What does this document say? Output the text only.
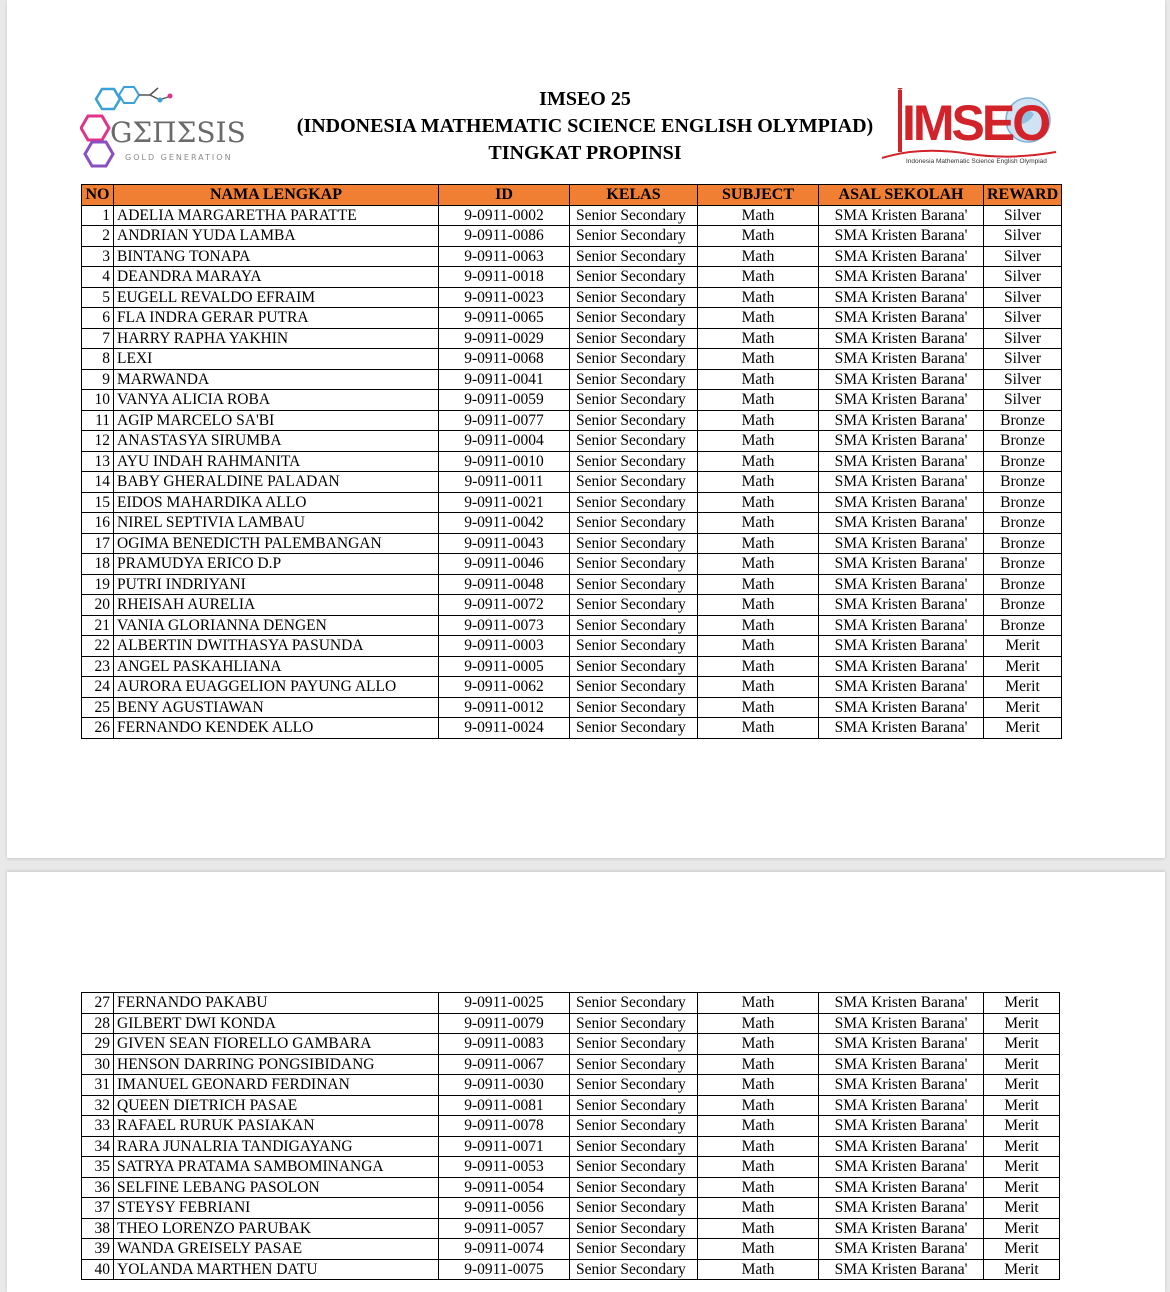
GΣΠΣSIS
GOLD GENERATION
IMSEO 25
(INDONESIA MATHEMATIC SCIENCE ENGLISH OLYMPIAD)
TINGKAT PROPINSI
IMSEO
Indonesia Mathematic Science English Olympiad
NO	NAMA LENGKAP	ID	KELAS	SUBJECT	ASAL SEKOLAH	REWARD
1	ADELIA MARGARETHA PARATTE	9-0911-0002	Senior Secondary	Math	SMA Kristen Barana'	Silver
2	ANDRIAN YUDA LAMBA	9-0911-0086	Senior Secondary	Math	SMA Kristen Barana'	Silver
3	BINTANG TONAPA	9-0911-0063	Senior Secondary	Math	SMA Kristen Barana'	Silver
4	DEANDRA MARAYA	9-0911-0018	Senior Secondary	Math	SMA Kristen Barana'	Silver
5	EUGELL REVALDO EFRAIM	9-0911-0023	Senior Secondary	Math	SMA Kristen Barana'	Silver
6	FLA INDRA GERAR PUTRA	9-0911-0065	Senior Secondary	Math	SMA Kristen Barana'	Silver
7	HARRY RAPHA YAKHIN	9-0911-0029	Senior Secondary	Math	SMA Kristen Barana'	Silver
8	LEXI	9-0911-0068	Senior Secondary	Math	SMA Kristen Barana'	Silver
9	MARWANDA	9-0911-0041	Senior Secondary	Math	SMA Kristen Barana'	Silver
10	VANYA ALICIA ROBA	9-0911-0059	Senior Secondary	Math	SMA Kristen Barana'	Silver
11	AGIP MARCELO SA'BI	9-0911-0077	Senior Secondary	Math	SMA Kristen Barana'	Bronze
12	ANASTASYA SIRUMBA	9-0911-0004	Senior Secondary	Math	SMA Kristen Barana'	Bronze
13	AYU INDAH RAHMANITA	9-0911-0010	Senior Secondary	Math	SMA Kristen Barana'	Bronze
14	BABY GHERALDINE PALADAN	9-0911-0011	Senior Secondary	Math	SMA Kristen Barana'	Bronze
15	EIDOS MAHARDIKA ALLO	9-0911-0021	Senior Secondary	Math	SMA Kristen Barana'	Bronze
16	NIREL SEPTIVIA LAMBAU	9-0911-0042	Senior Secondary	Math	SMA Kristen Barana'	Bronze
17	OGIMA BENEDICTH PALEMBANGAN	9-0911-0043	Senior Secondary	Math	SMA Kristen Barana'	Bronze
18	PRAMUDYA ERICO D.P	9-0911-0046	Senior Secondary	Math	SMA Kristen Barana'	Bronze
19	PUTRI INDRIYANI	9-0911-0048	Senior Secondary	Math	SMA Kristen Barana'	Bronze
20	RHEISAH AURELIA	9-0911-0072	Senior Secondary	Math	SMA Kristen Barana'	Bronze
21	VANIA GLORIANNA DENGEN	9-0911-0073	Senior Secondary	Math	SMA Kristen Barana'	Bronze
22	ALBERTIN DWITHASYA PASUNDA	9-0911-0003	Senior Secondary	Math	SMA Kristen Barana'	Merit
23	ANGEL PASKAHLIANA	9-0911-0005	Senior Secondary	Math	SMA Kristen Barana'	Merit
24	AURORA EUAGGELION PAYUNG ALLO	9-0911-0062	Senior Secondary	Math	SMA Kristen Barana'	Merit
25	BENY AGUSTIAWAN	9-0911-0012	Senior Secondary	Math	SMA Kristen Barana'	Merit
26	FERNANDO KENDEK ALLO	9-0911-0024	Senior Secondary	Math	SMA Kristen Barana'	Merit
27	FERNANDO PAKABU	9-0911-0025	Senior Secondary	Math	SMA Kristen Barana'	Merit
28	GILBERT DWI KONDA	9-0911-0079	Senior Secondary	Math	SMA Kristen Barana'	Merit
29	GIVEN SEAN FIORELLO GAMBARA	9-0911-0083	Senior Secondary	Math	SMA Kristen Barana'	Merit
30	HENSON DARRING PONGSIBIDANG	9-0911-0067	Senior Secondary	Math	SMA Kristen Barana'	Merit
31	IMANUEL GEONARD FERDINAN	9-0911-0030	Senior Secondary	Math	SMA Kristen Barana'	Merit
32	QUEEN DIETRICH PASAE	9-0911-0081	Senior Secondary	Math	SMA Kristen Barana'	Merit
33	RAFAEL RURUK PASIAKAN	9-0911-0078	Senior Secondary	Math	SMA Kristen Barana'	Merit
34	RARA JUNALRIA TANDIGAYANG	9-0911-0071	Senior Secondary	Math	SMA Kristen Barana'	Merit
35	SATRYA PRATAMA SAMBOMINANGA	9-0911-0053	Senior Secondary	Math	SMA Kristen Barana'	Merit
36	SELFINE LEBANG PASOLON	9-0911-0054	Senior Secondary	Math	SMA Kristen Barana'	Merit
37	STEYSY FEBRIANI	9-0911-0056	Senior Secondary	Math	SMA Kristen Barana'	Merit
38	THEO LORENZO PARUBAK	9-0911-0057	Senior Secondary	Math	SMA Kristen Barana'	Merit
39	WANDA GREISELY PASAE	9-0911-0074	Senior Secondary	Math	SMA Kristen Barana'	Merit
40	YOLANDA MARTHEN DATU	9-0911-0075	Senior Secondary	Math	SMA Kristen Barana'	Merit
